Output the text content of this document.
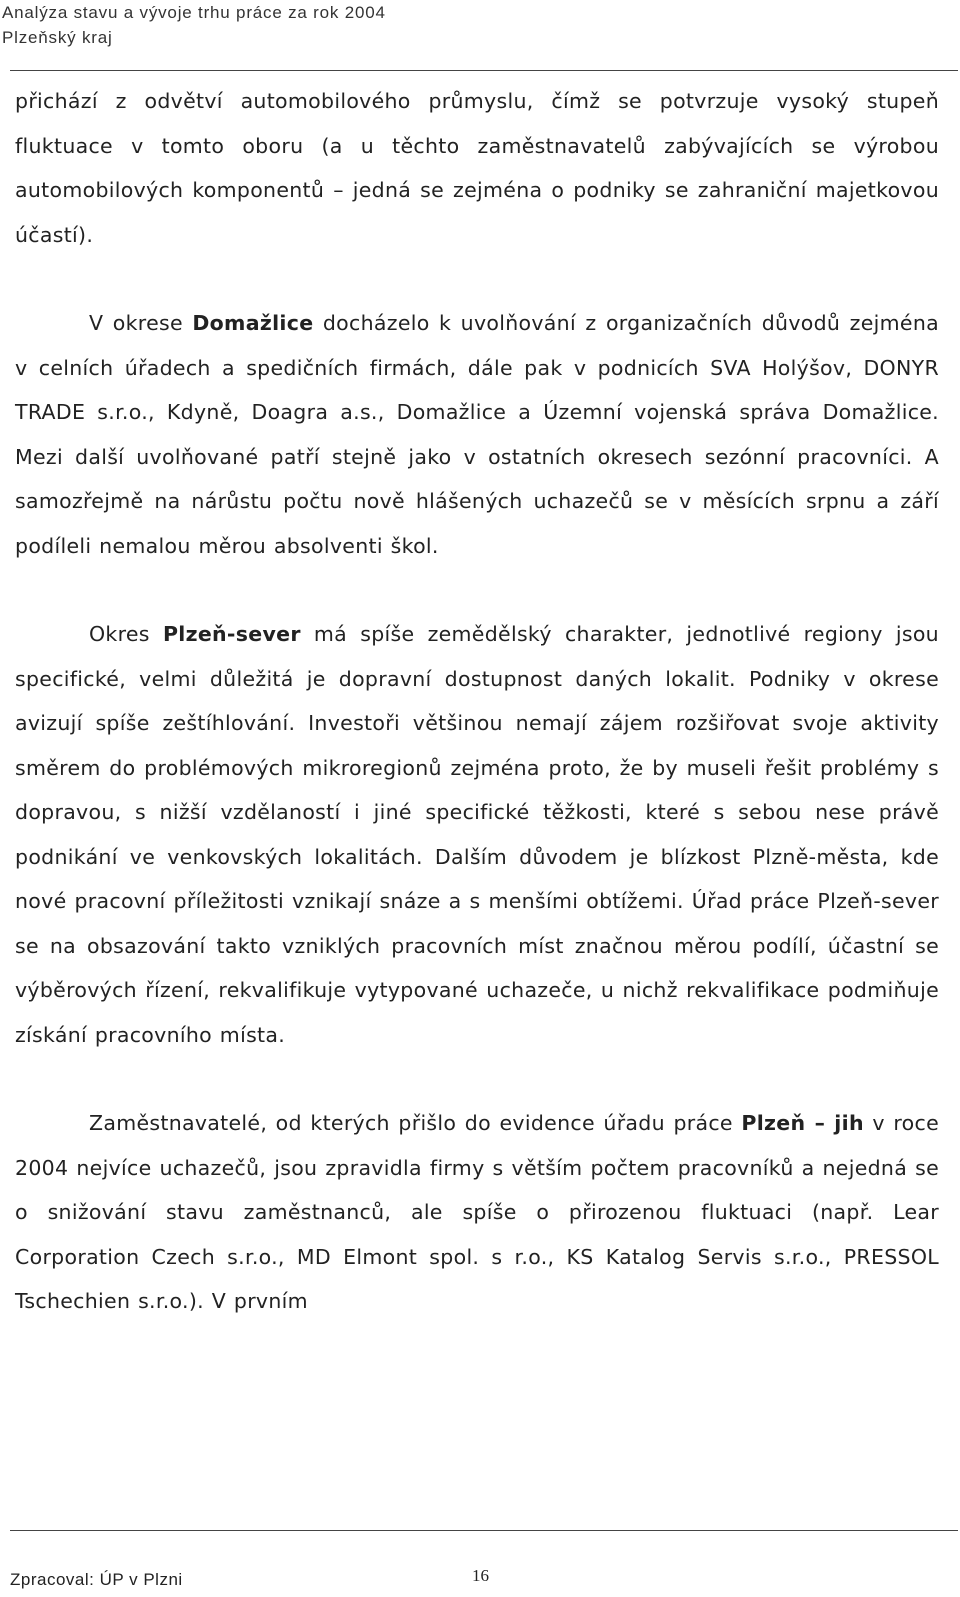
Analýza stavu a vývoje trhu práce za rok 2004
Plzeňský kraj

přichází z odvětví automobilového průmyslu, čímž se potvrzuje vysoký stupeň fluktuace v tomto oboru (a u těchto zaměstnavatelů zabývajících se výrobou automobilových komponentů – jedná se zejména o podniky se zahraniční majetkovou účastí).

V okrese Domažlice docházelo k uvolňování z organizačních důvodů zejména v celních úřadech a spedičních firmách, dále pak v podnicích SVA Holýšov, DONYR TRADE s.r.o., Kdyně, Doagra a.s., Domažlice a Územní vojenská správa Domažlice. Mezi další uvolňované patří stejně jako v ostatních okresech sezónní pracovníci. A samozřejmě na nárůstu počtu nově hlášených uchazečů se v měsících srpnu a září podíleli nemalou měrou absolventi škol.

Okres Plzeň-sever má spíše zemědělský charakter, jednotlivé regiony jsou specifické, velmi důležitá je dopravní dostupnost daných lokalit. Podniky v okrese avizují spíše zeštíhlování. Investoři většinou nemají zájem rozšiřovat svoje aktivity směrem do problémových mikroregionů zejména proto, že by museli řešit problémy s dopravou, s nižší vzdělaností i jiné specifické těžkosti, které s sebou nese právě podnikání ve venkovských lokalitách. Dalším důvodem je blízkost Plzně-města, kde nové pracovní příležitosti vznikají snáze a s menšími obtížemi. Úřad práce Plzeň-sever se na obsazování takto vzniklých pracovních míst značnou měrou podílí, účastní se výběrových řízení, rekvalifikuje vytypované uchazeče, u nichž rekvalifikace podmiňuje získání pracovního místa.

Zaměstnavatelé, od kterých přišlo do evidence úřadu práce Plzeň – jih v roce 2004 nejvíce uchazečů, jsou zpravidla firmy s větším počtem pracovníků a nejedná se o snižování stavu zaměstnanců, ale spíše o přirozenou fluktuaci (např. Lear Corporation Czech s.r.o., MD Elmont spol. s r.o., KS Katalog Servis s.r.o., PRESSOL Tschechien s.r.o.). V prvním

Zpracoval: ÚP v Plzni	16
